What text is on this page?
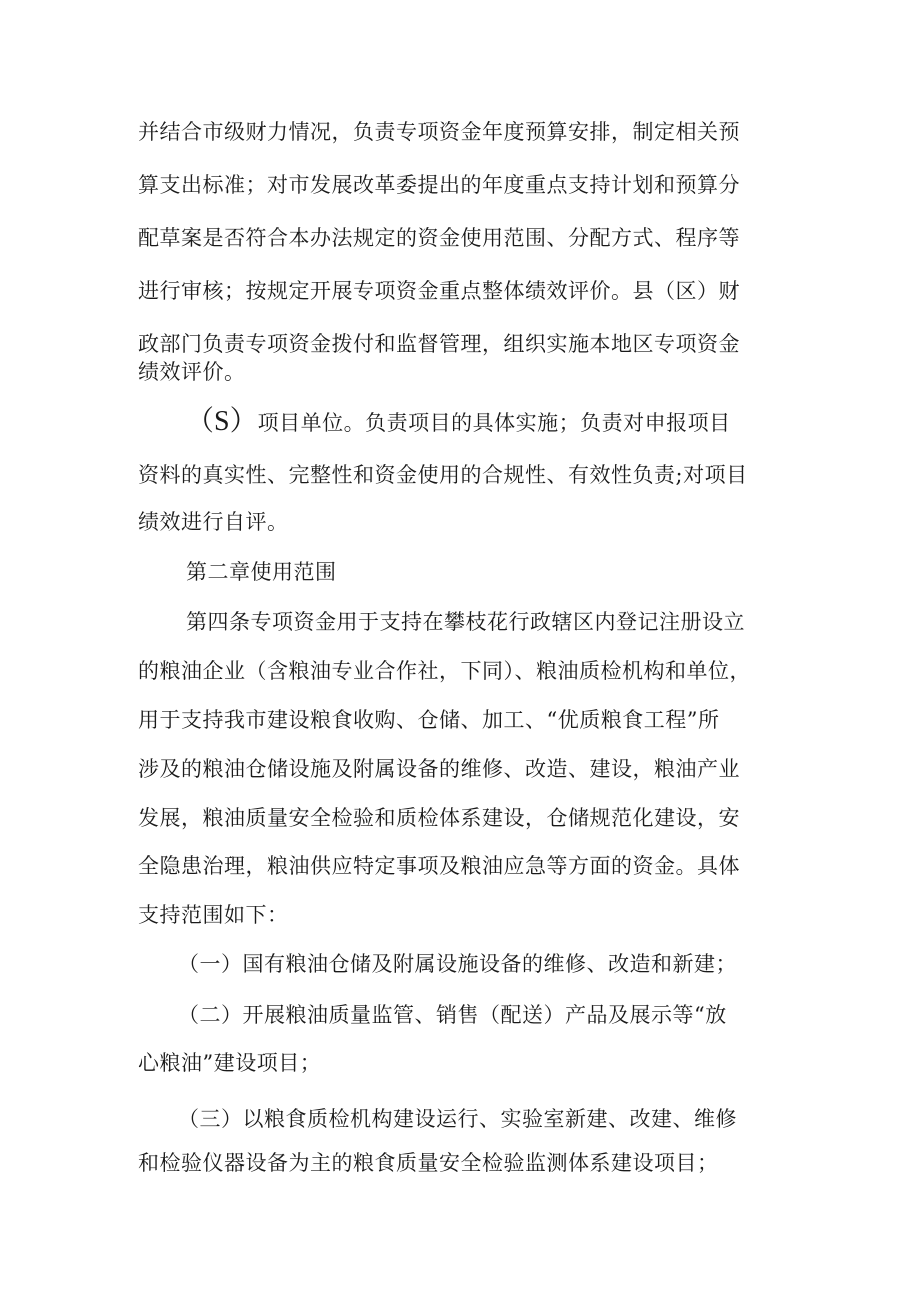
并结合市级财力情况，负责专项资金年度预算安排，制定相关预
算支出标准；对市发展改革委提出的年度重点支持计划和预算分
配草案是否符合本办法规定的资金使用范围、分配方式、程序等
进行审核；按规定开展专项资金重点整体绩效评价。县（区）财
政部门负责专项资金拨付和监督管理，组织实施本地区专项资金
绩效评价。
（S）项目单位。负责项目的具体实施；负责对申报项目
资料的真实性、完整性和资金使用的合规性、有效性负责;对项目
绩效进行自评。
第二章使用范围
第四条专项资金用于支持在攀枝花行政辖区内登记注册设立
的粮油企业（含粮油专业合作社，下同）、粮油质检机构和单位，
用于支持我市建设粮食收购、仓储、加工、“优质粮食工程”所
涉及的粮油仓储设施及附属设备的维修、改造、建设，粮油产业
发展，粮油质量安全检验和质检体系建设，仓储规范化建设，安
全隐患治理，粮油供应特定事项及粮油应急等方面的资金。具体
支持范围如下：
（一）国有粮油仓储及附属设施设备的维修、改造和新建；
（二）开展粮油质量监管、销售（配送）产品及展示等“放
心粮油”建设项目；
（三）以粮食质检机构建设运行、实验室新建、改建、维修
和检验仪器设备为主的粮食质量安全检验监测体系建设项目；
